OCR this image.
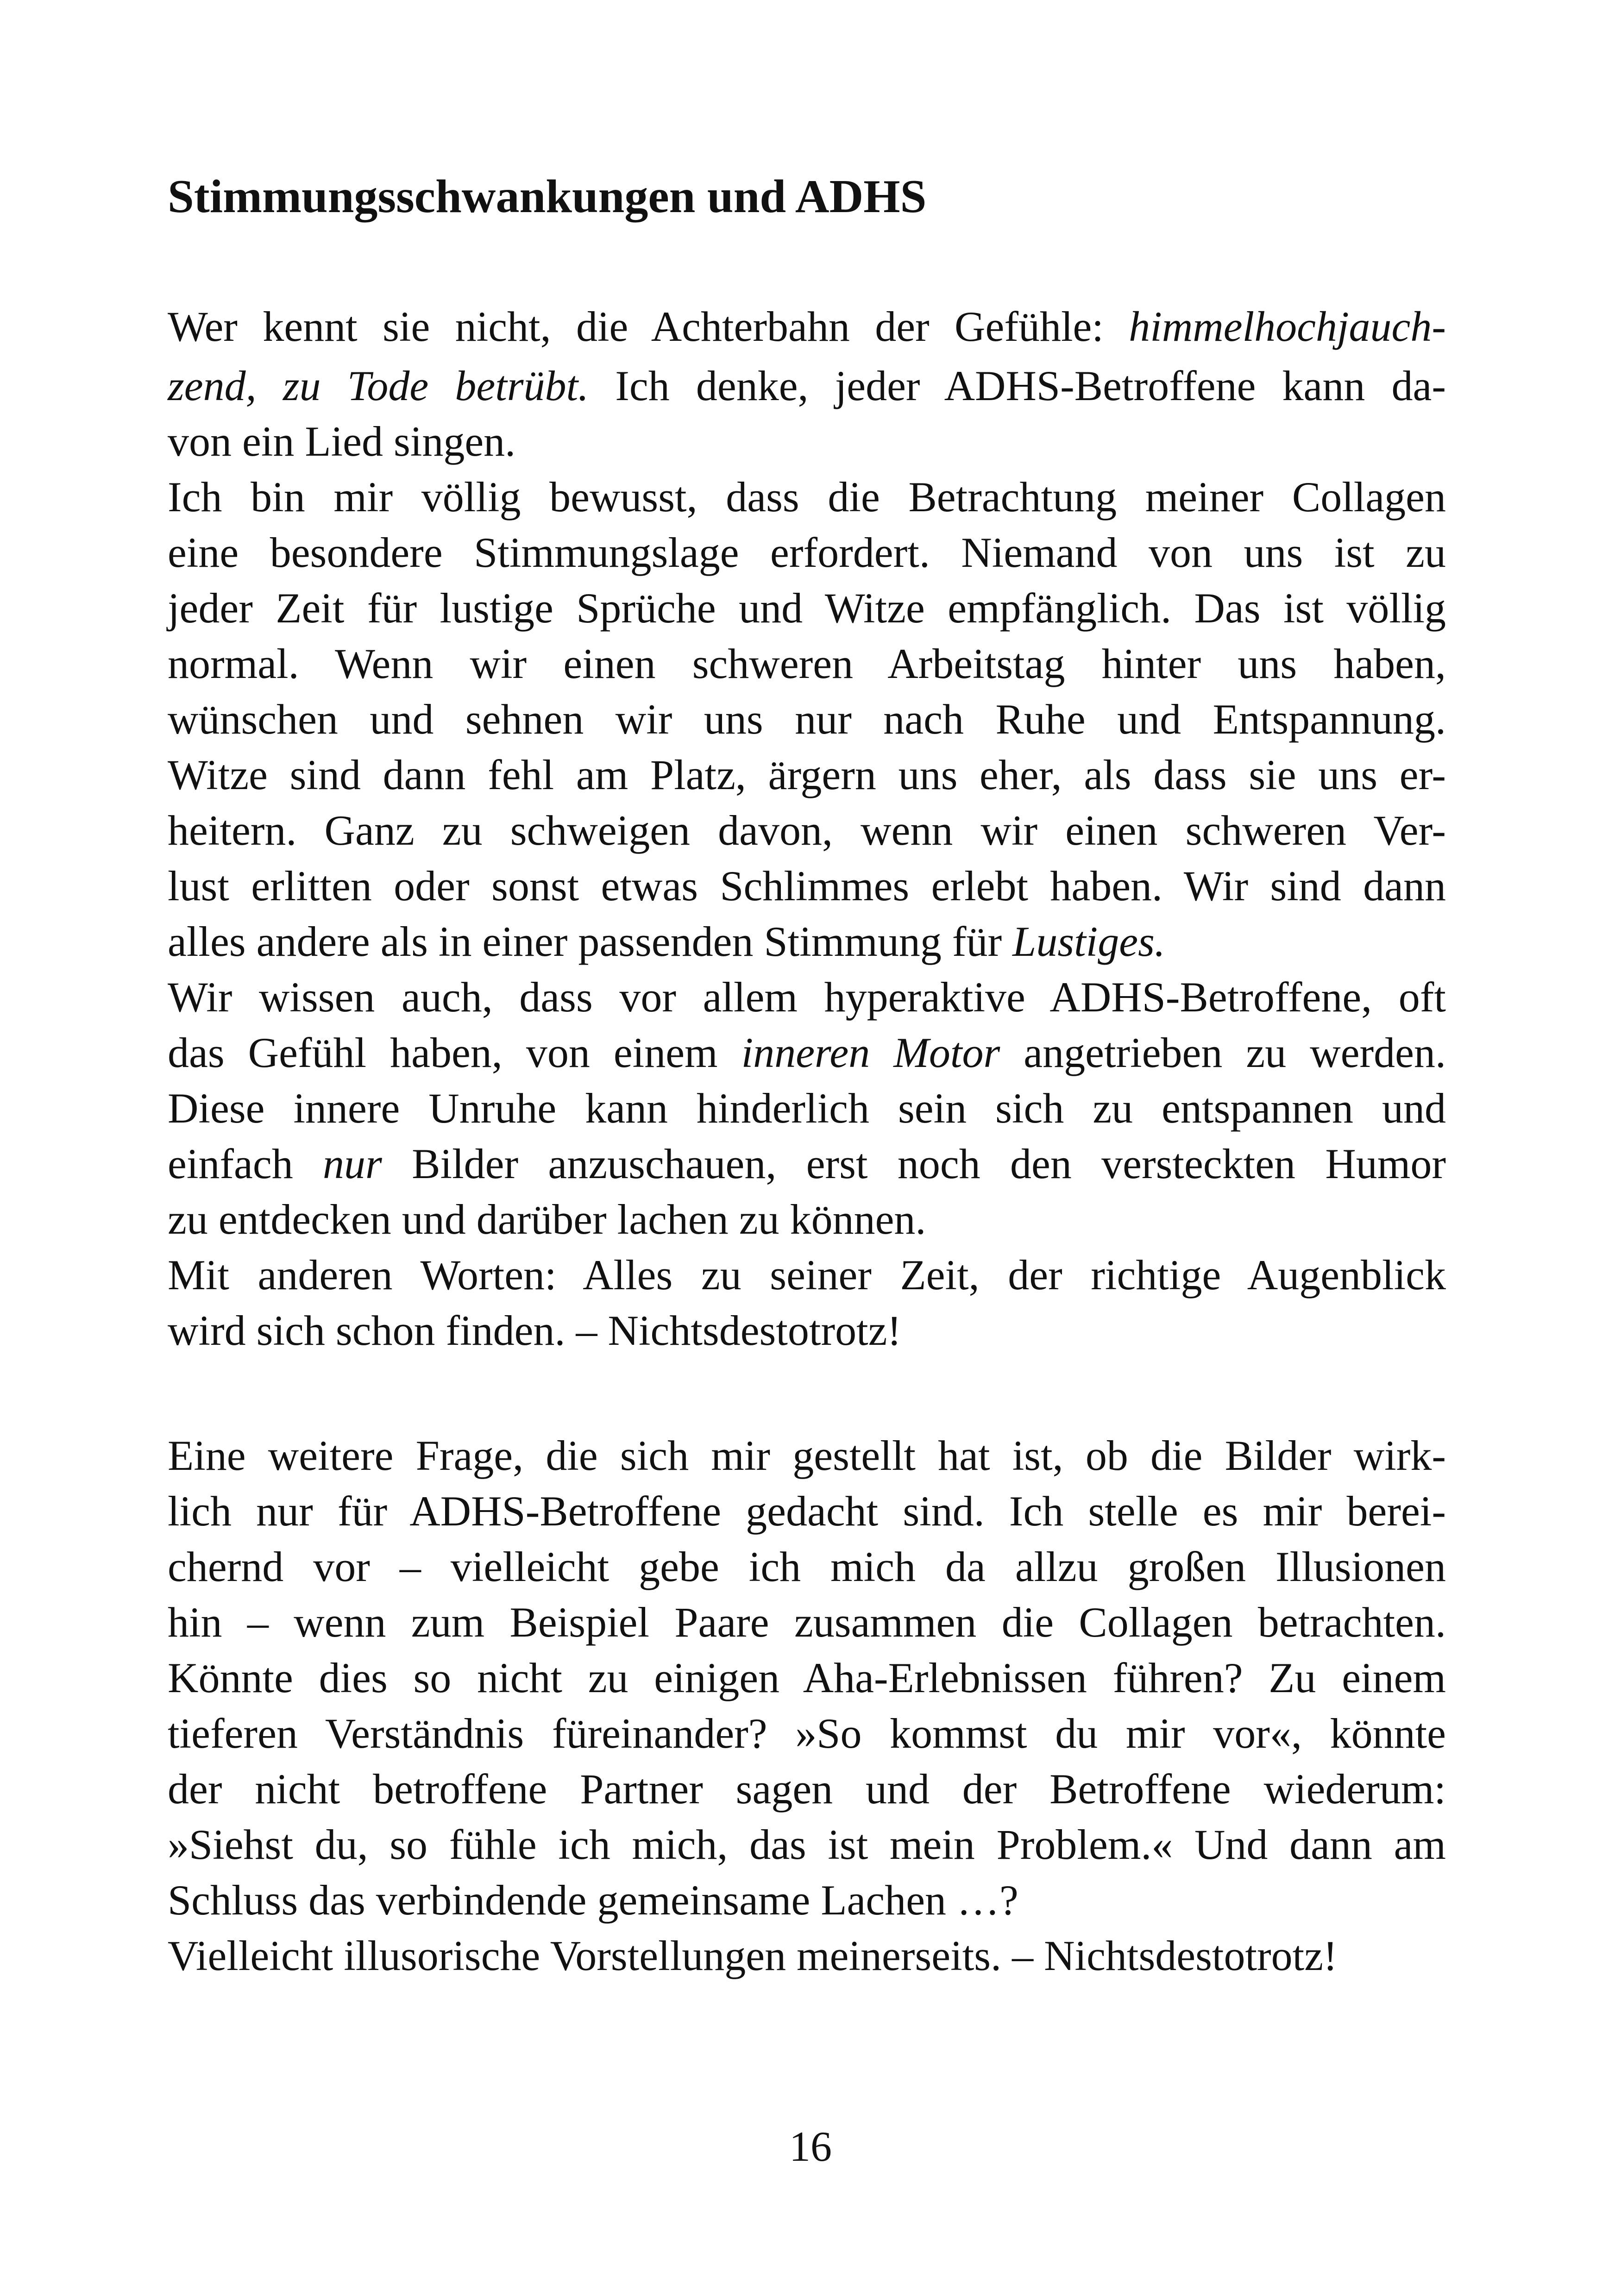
Stimmungsschwankungen und ADHS

Wer kennt sie nicht, die Achterbahn der Gefühle: himmelhochjauch-

zend, zu Tode betrübt. Ich denke, jeder ADHS-Betroffene kann da-

von ein Lied singen.

Ich bin mir völlig bewusst, dass die Betrachtung meiner Collagen

eine besondere Stimmungslage erfordert. Niemand von uns ist zu

jeder Zeit für lustige Sprüche und Witze empfänglich. Das ist völlig

normal. Wenn wir einen schweren Arbeitstag hinter uns haben,

wünschen und sehnen wir uns nur nach Ruhe und Entspannung.

Witze sind dann fehl am Platz, ärgern uns eher, als dass sie uns er-

heitern. Ganz zu schweigen davon, wenn wir einen schweren Ver-

lust erlitten oder sonst etwas Schlimmes erlebt haben. Wir sind dann

alles andere als in einer passenden Stimmung für Lustiges.

Wir wissen auch, dass vor allem hyperaktive ADHS-Betroffene, oft

das Gefühl haben, von einem inneren Motor angetrieben zu werden.

Diese innere Unruhe kann hinderlich sein sich zu entspannen und

einfach nur Bilder anzuschauen, erst noch den versteckten Humor

zu entdecken und darüber lachen zu können.

Mit anderen Worten: Alles zu seiner Zeit, der richtige Augenblick

wird sich schon finden. – Nichtsdestotrotz!

Eine weitere Frage, die sich mir gestellt hat ist, ob die Bilder wirk-

lich nur für ADHS-Betroffene gedacht sind. Ich stelle es mir berei-

chernd vor – vielleicht gebe ich mich da allzu großen Illusionen

hin – wenn zum Beispiel Paare zusammen die Collagen betrachten.

Könnte dies so nicht zu einigen Aha-Erlebnissen führen? Zu einem

tieferen Verständnis füreinander? »So kommst du mir vor«, könnte

der nicht betroffene Partner sagen und der Betroffene wiederum:

»Siehst du, so fühle ich mich, das ist mein Problem.« Und dann am

Schluss das verbindende gemeinsame Lachen …?

Vielleicht illusorische Vorstellungen meinerseits. – Nichtsdestotrotz!

16
